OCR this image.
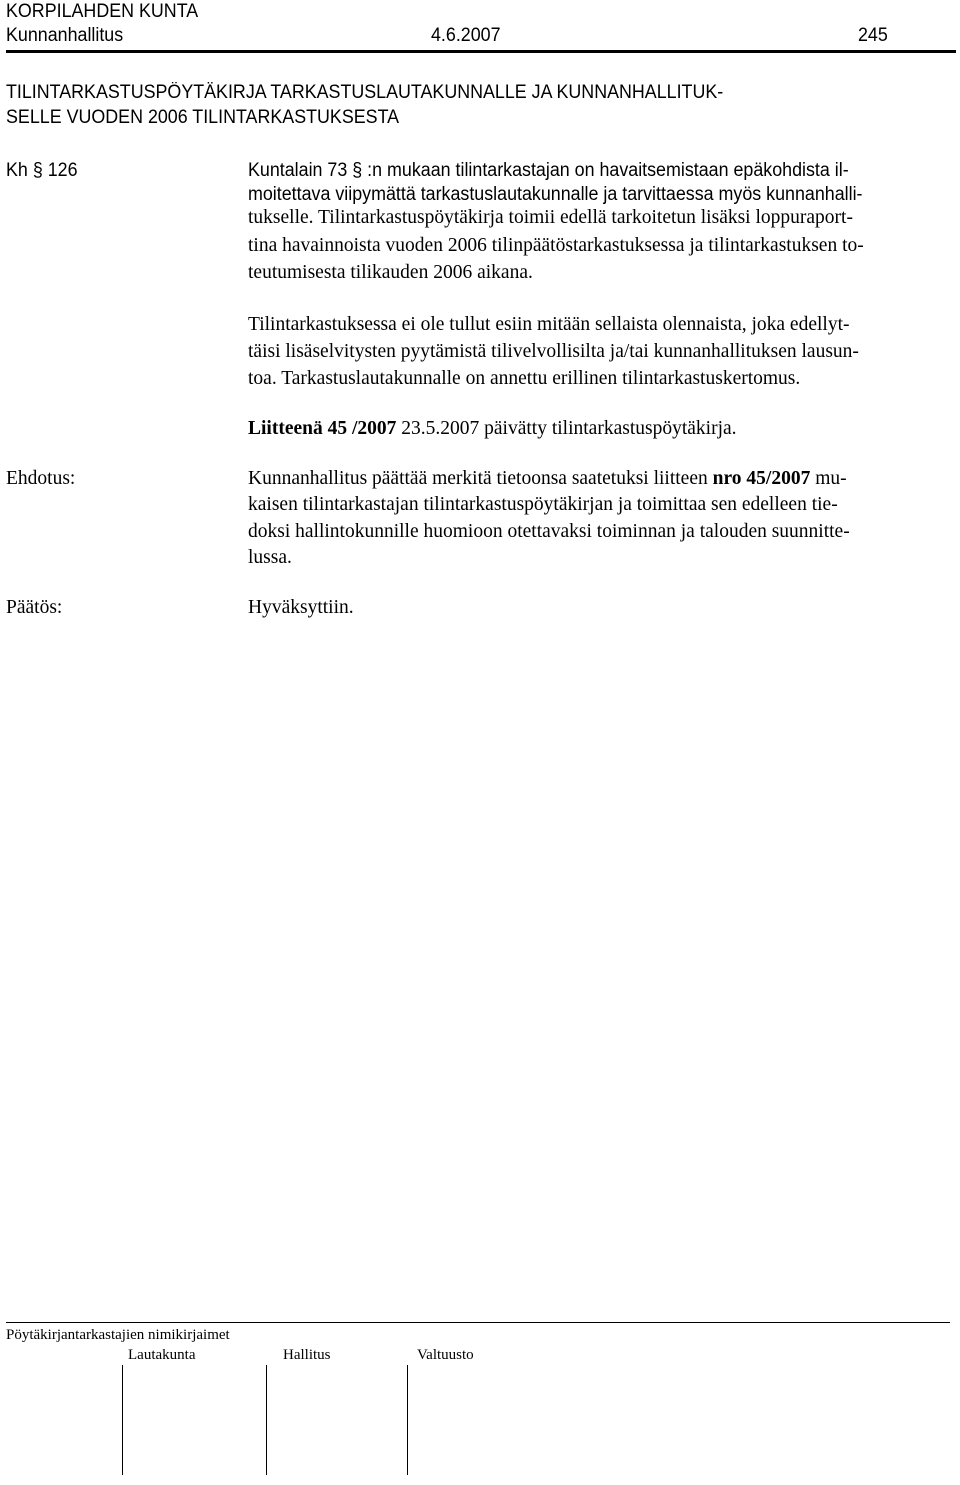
KORPILAHDEN KUNTA
Kunnanhallitus	4.6.2007	245
TILINTARKASTUSPÖYTÄKIRJA TARKASTUSLAUTAKUNNALLE JA KUNNANHALLITUK-
SELLE VUODEN 2006 TILINTARKASTUKSESTA
Kh § 126	Kuntalain 73 § :n mukaan tilintarkastajan on havaitsemistaan epäkohdista il-
moitettava viipymättä tarkastuslautakunnalle ja tarvittaessa myös kunnanhalli-
tukselle. Tilintarkastuspöytäkirja toimii edellä tarkoitetun lisäksi loppuraport-
tina havainnoista vuoden 2006 tilinpäätöstarkastuksessa ja tilintarkastuksen to-
teutumisesta tilikauden 2006 aikana.
Tilintarkastuksessa ei ole tullut esiin mitään sellaista olennaista, joka edellyt-
täisi lisäselvitysten pyytämistä tilivelvollisilta ja/tai kunnanhallituksen lausun-
toa. Tarkastuslautakunnalle on annettu erillinen tilintarkastuskertomus.
Liitteenä 45 /2007 23.5.2007 päivätty tilintarkastuspöytäkirja.
Ehdotus:	Kunnanhallitus päättää merkitä tietoonsa saatetuksi liitteen nro 45/2007 mu-
kaisen tilintarkastajan tilintarkastuspöytäkirjan ja toimittaa sen edelleen tie-
doksi hallintokunnille huomioon otettavaksi toiminnan ja talouden suunnitte-
lussa.
Päätös:	Hyväksyttiin.
Pöytäkirjantarkastajien nimikirjaimet
Lautakunta	Hallitus	Valtuusto
